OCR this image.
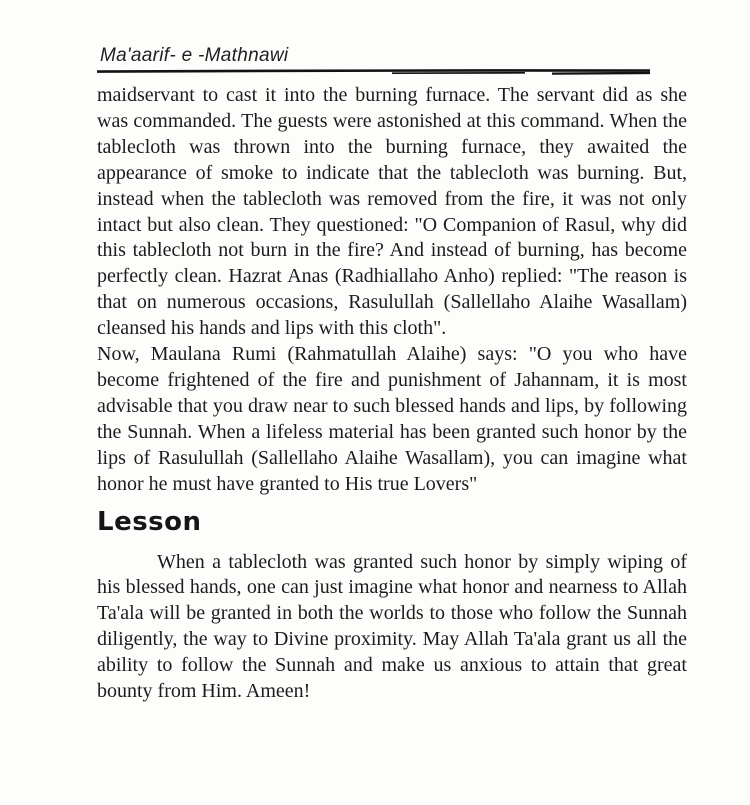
Ma'aarif- e -Mathnawi

maidservant to cast it into the burning furnace. The servant did as she was commanded. The guests were astonished at this command. When the tablecloth was thrown into the burning furnace, they awaited the appearance of smoke to indicate that the tablecloth was burning. But, instead when the tablecloth was removed from the fire, it was not only intact but also clean. They questioned: "O Companion of Rasul, why did this tablecloth not burn in the fire? And instead of burning, has become perfectly clean. Hazrat Anas (Radhiallaho Anho) replied: "The reason is that on numerous occasions, Rasulullah (Sallellaho Alaihe Wasallam) cleansed his hands and lips with this cloth".

Now, Maulana Rumi (Rahmatullah Alaihe) says: "O you who have become frightened of the fire and punishment of Jahannam, it is most advisable that you draw near to such blessed hands and lips, by following the Sunnah. When a lifeless material has been granted such honor by the lips of Rasulullah (Sallellaho Alaihe Wasallam), you can imagine what honor he must have granted to His true Lovers"

Lesson

When a tablecloth was granted such honor by simply wiping of his blessed hands, one can just imagine what honor and nearness to Allah Ta'ala will be granted in both the worlds to those who follow the Sunnah diligently, the way to Divine proximity. May Allah Ta'ala grant us all the ability to follow the Sunnah and make us anxious to attain that great bounty from Him. Ameen!
